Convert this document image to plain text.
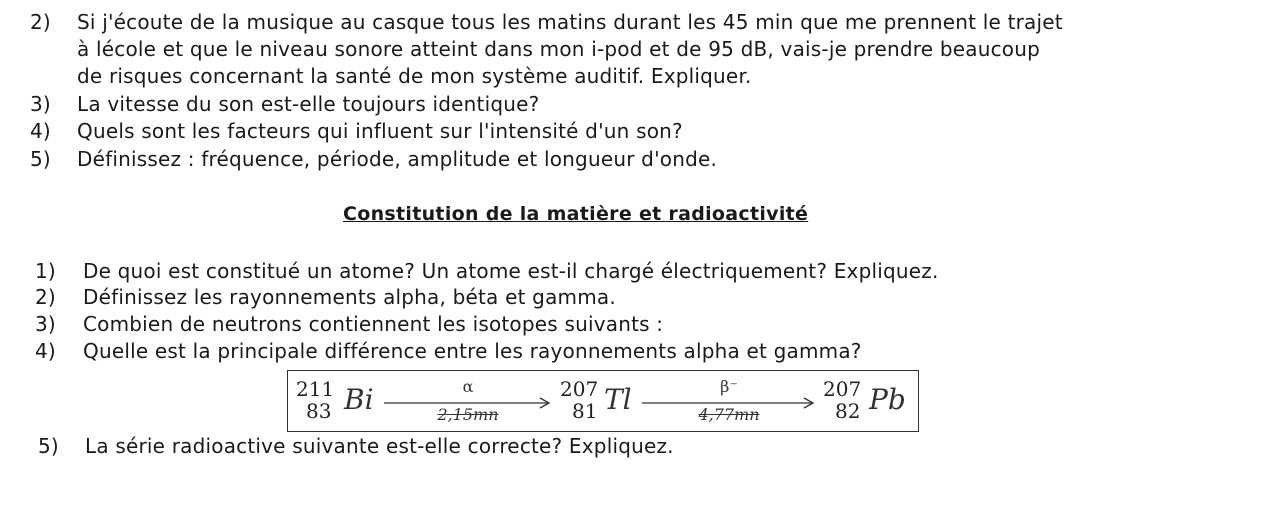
2) Si j'écoute de la musique au casque tous les matins durant les 45 min que me prennent le trajet
à lécole et que le niveau sonore atteint dans mon i-pod et de 95 dB, vais-je prendre beaucoup
de risques concernant la santé de mon système auditif. Expliquer.
3) La vitesse du son est-elle toujours identique?
4) Quels sont les facteurs qui influent sur l'intensité d'un son?
5) Définissez : fréquence, période, amplitude et longueur d'onde.
Constitution de la matière et radioactivité
1) De quoi est constitué un atome? Un atome est-il chargé électriquement? Expliquez.
2) Définissez les rayonnements alpha, béta et gamma.
3) Combien de neutrons contiennent les isotopes suivants :
4) Quelle est la principale différence entre les rayonnements alpha et gamma?
211
83 Bi	α
2,15mn
207
81 Tl	β⁻
4,77mn
207
82 Pb
5) La série radioactive suivante est-elle correcte? Expliquez.
